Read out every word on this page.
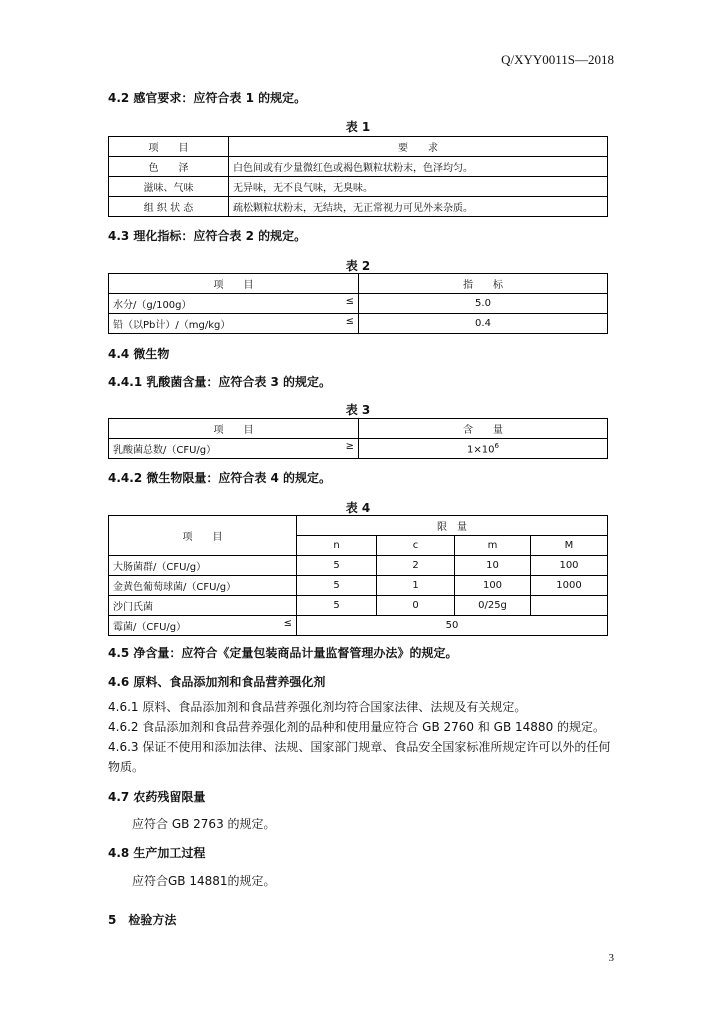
Q/XYY0011S—2018
4.2 感官要求：应符合表 1 的规定。
表 1
项　　目	要　　求
色　　泽	白色间或有少量微红色或褐色颗粒状粉末，色泽均匀。
滋味、气味	无异味，无不良气味，无臭味。
组 织 状 态	疏松颗粒状粉末，无结块，无正常视力可见外来杂质。
4.3 理化指标：应符合表 2 的规定。
表 2
项　　目	指　　标
水分/（g/100g） ≤	5.0
铅（以Pb计）/（mg/kg） ≤	0.4
4.4 微生物
4.4.1 乳酸菌含量：应符合表 3 的规定。
表 3
项　　目	含　　量
乳酸菌总数/（CFU/g） ≥	$1\times 10^6$
4.4.2 微生物限量：应符合表 4 的规定。
表 4
项　　目	限　量			
	n	c	m	M
大肠菌群/（CFU/g）	5	2	10	100
金黄色葡萄球菌/（CFU/g）	5	1	100	1000
沙门氏菌	5	0	0/25g	
霉菌/（CFU/g） ≤	50			
4.5 净含量：应符合《定量包装商品计量监督管理办法》的规定。
4.6 原料、食品添加剂和食品营养强化剂
4.6.1 原料、食品添加剂和食品营养强化剂均符合国家法律、法规及有关规定。
4.6.2 食品添加剂和食品营养强化剂的品种和使用量应符合 GB 2760 和 GB 14880 的规定。
4.6.3 保证不使用和添加法律、法规、国家部门规章、食品安全国家标准所规定许可以外的任何物质。
4.7 农药残留限量
应符合 GB 2763 的规定。
4.8 生产加工过程
应符合GB 14881的规定。
5　检验方法
3
